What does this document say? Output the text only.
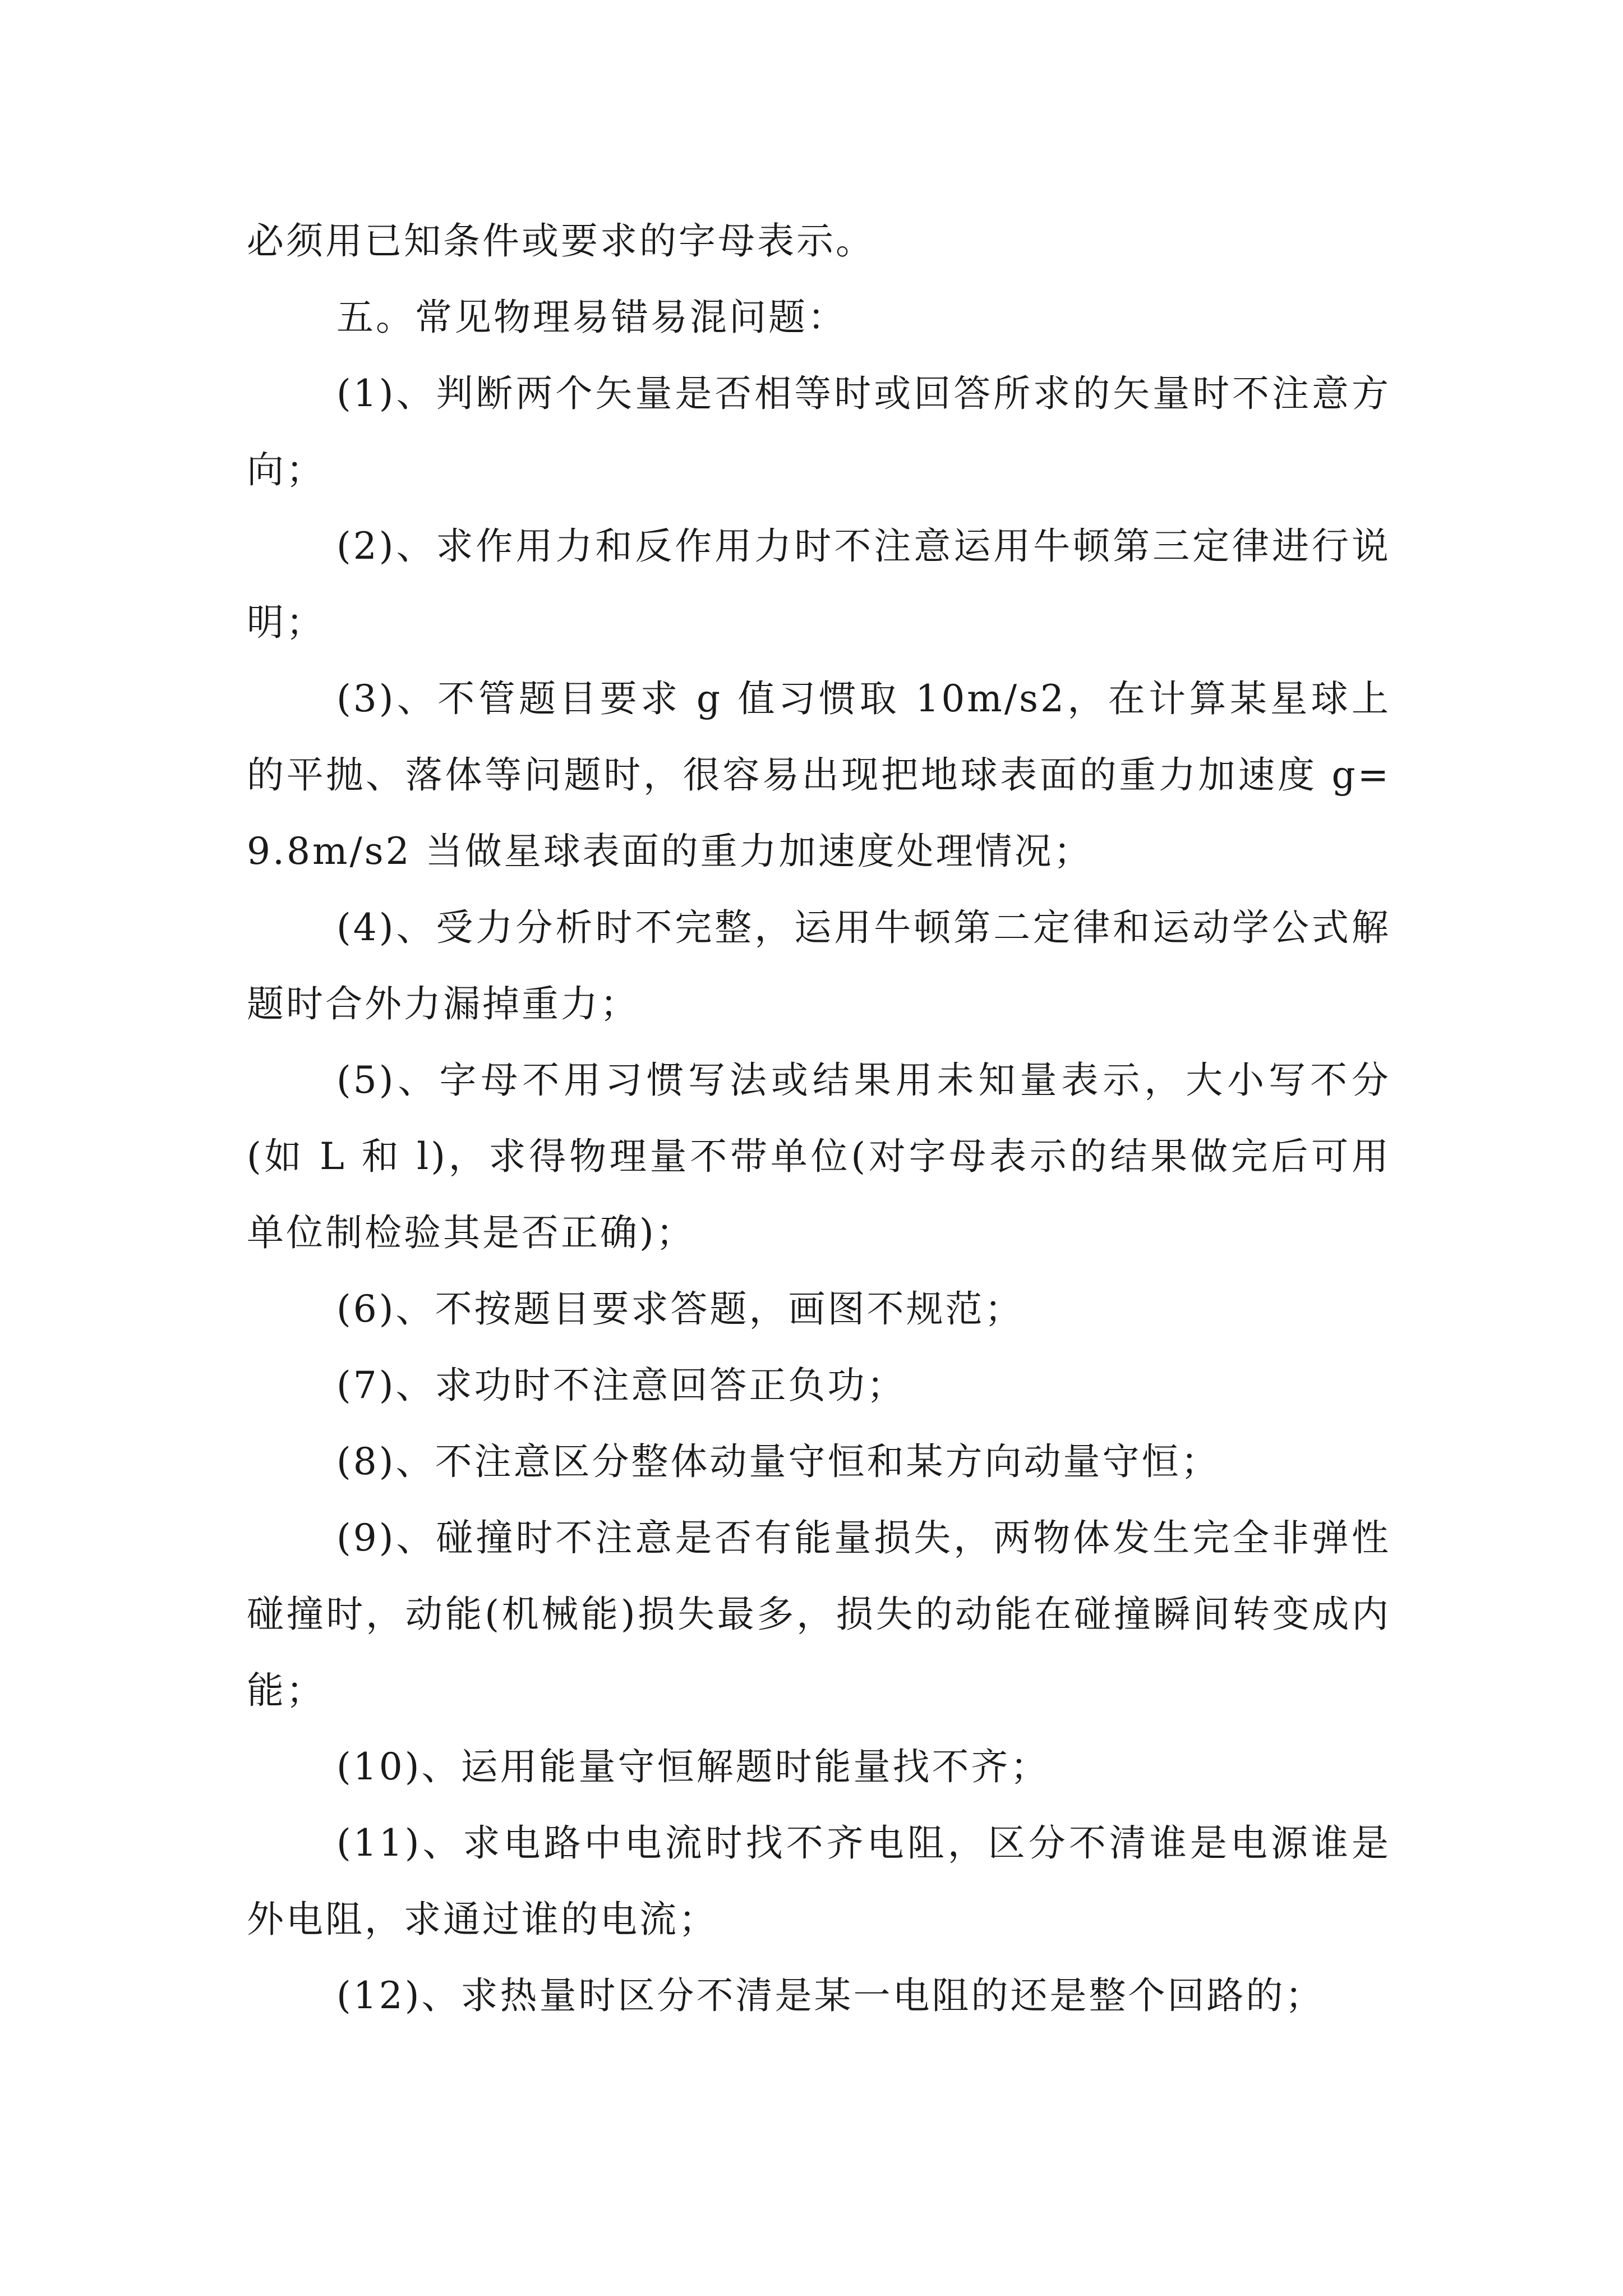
必须用已知条件或要求的字母表示。

五。常见物理易错易混问题：

(1)、判断两个矢量是否相等时或回答所求的矢量时不注意方向；

(2)、求作用力和反作用力时不注意运用牛顿第三定律进行说明；

(3)、不管题目要求 g 值习惯取 10m/s2，在计算某星球上的平抛、落体等问题时，很容易出现把地球表面的重力加速度 g=9.8m/s2 当做星球表面的重力加速度处理情况；

(4)、受力分析时不完整，运用牛顿第二定律和运动学公式解题时合外力漏掉重力；

(5)、字母不用习惯写法或结果用未知量表示，大小写不分(如 L 和 l)，求得物理量不带单位(对字母表示的结果做完后可用单位制检验其是否正确)；

(6)、不按题目要求答题，画图不规范；

(7)、求功时不注意回答正负功；

(8)、不注意区分整体动量守恒和某方向动量守恒；

(9)、碰撞时不注意是否有能量损失，两物体发生完全非弹性碰撞时，动能(机械能)损失最多，损失的动能在碰撞瞬间转变成内能；

(10)、运用能量守恒解题时能量找不齐；

(11)、求电路中电流时找不齐电阻，区分不清谁是电源谁是外电阻，求通过谁的电流；

(12)、求热量时区分不清是某一电阻的还是整个回路的；
